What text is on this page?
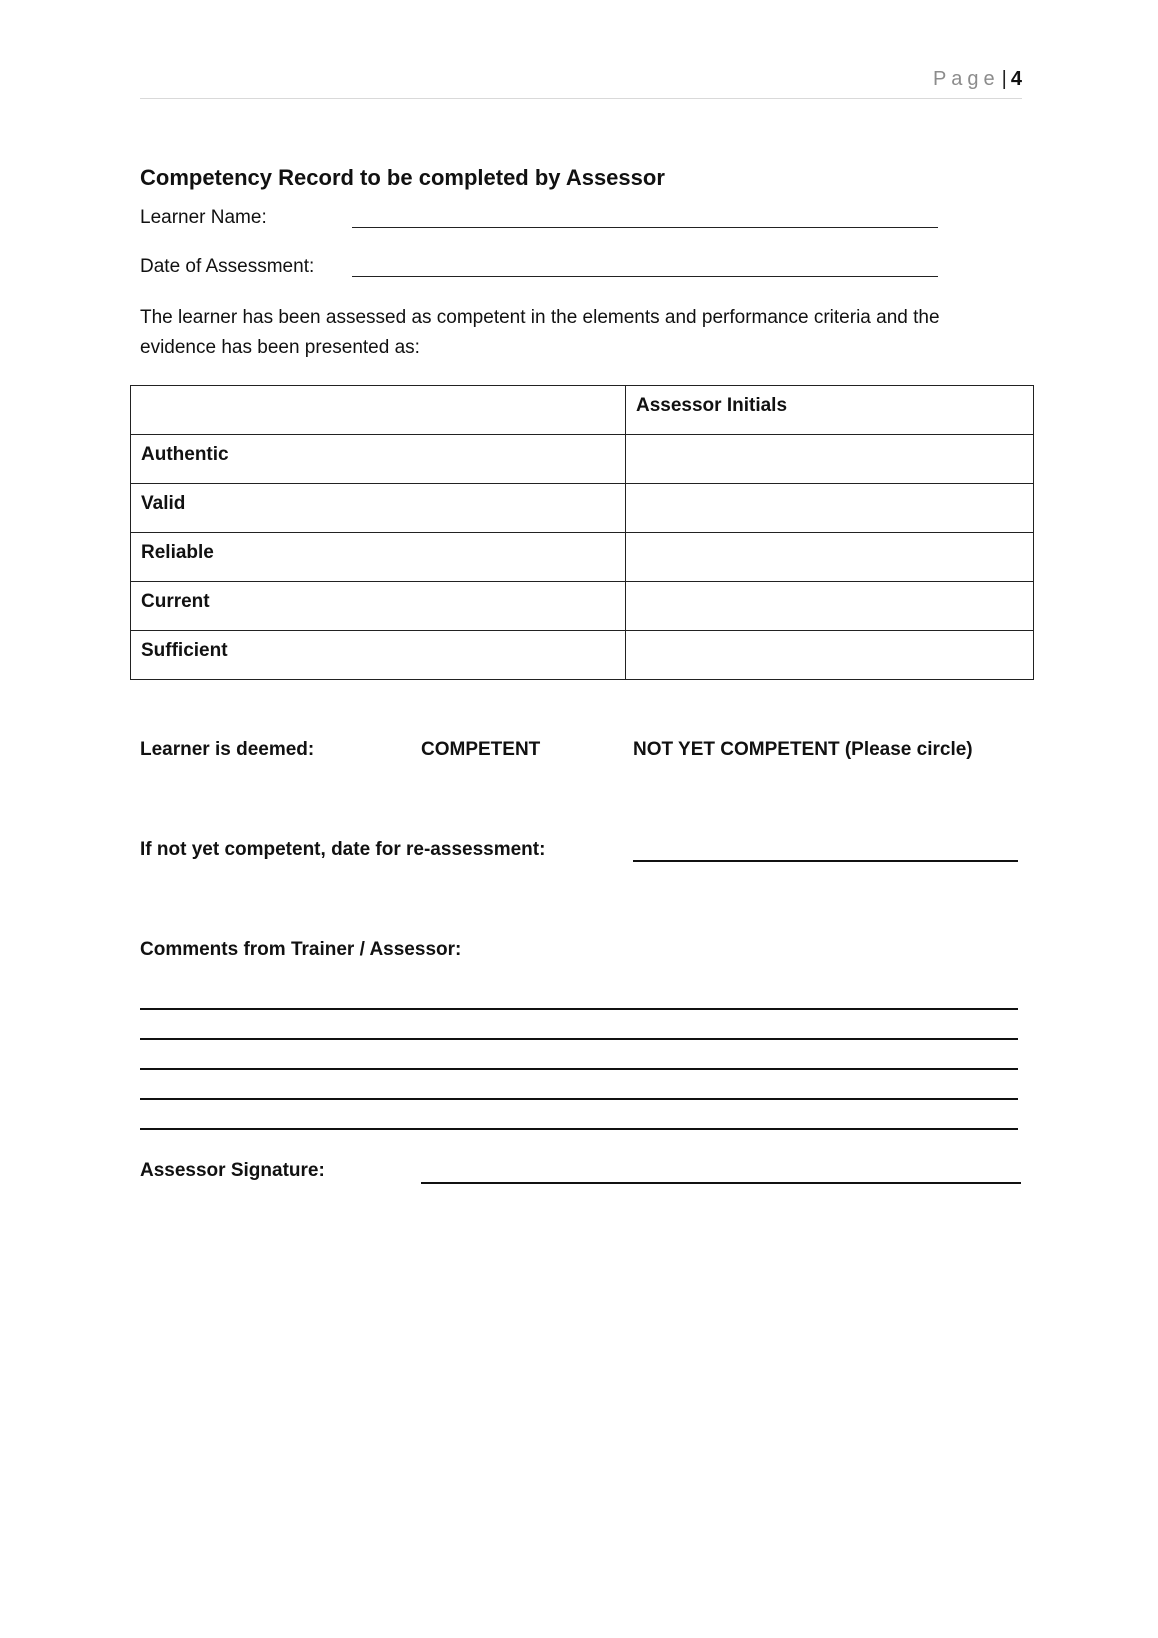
Page | 4
Competency Record to be completed by Assessor
Learner Name:
Date of Assessment:
The learner has been assessed as competent in the elements and performance criteria and the evidence has been presented as:
	Assessor Initials
Authentic	
Valid	
Reliable	
Current	
Sufficient	
Learner is deemed:	COMPETENT	NOT YET COMPETENT (Please circle)
If not yet competent, date for re-assessment:
Comments from Trainer / Assessor:
Assessor Signature:
